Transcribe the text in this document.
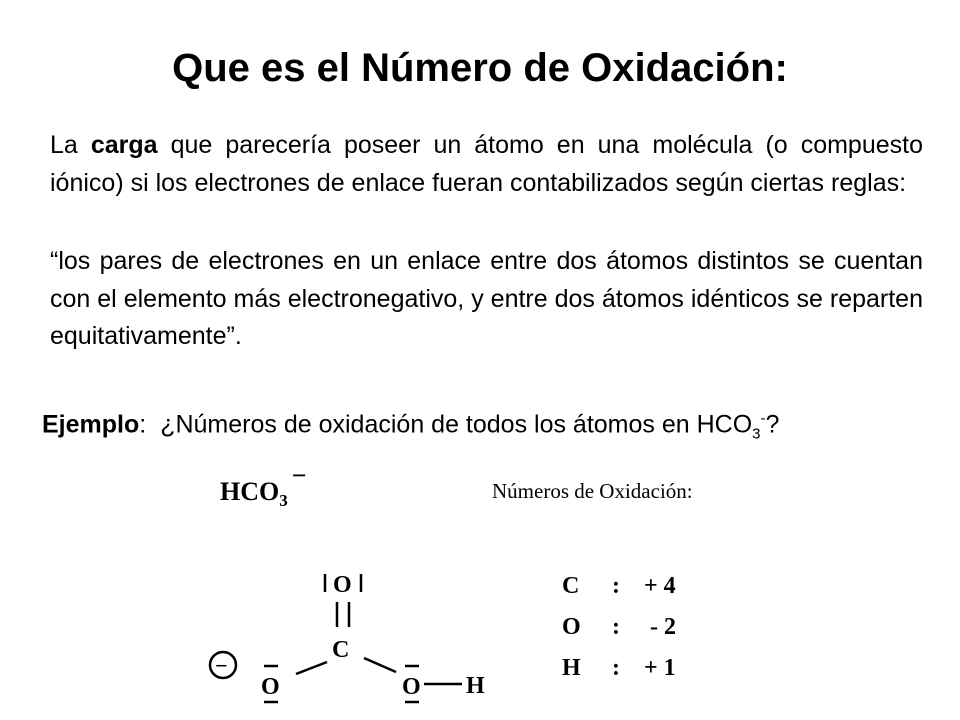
Que es el Número de Oxidación:

La carga que parecería poseer un átomo en una molécula (o compuesto iónico) si los electrones de enlace fueran contabilizados según ciertas reglas:

“los pares de electrones en un enlace entre dos átomos distintos se cuentan con el elemento más electronegativo, y entre dos átomos idénticos se reparten equitativamente”.

Ejemplo: ¿Números de oxidación de todos los átomos en $HCO_3^-$?
$HCO_3-$
Números de Oxidación:
C : + 4
O : - 2
H : + 1
O
C
O	O H
−
